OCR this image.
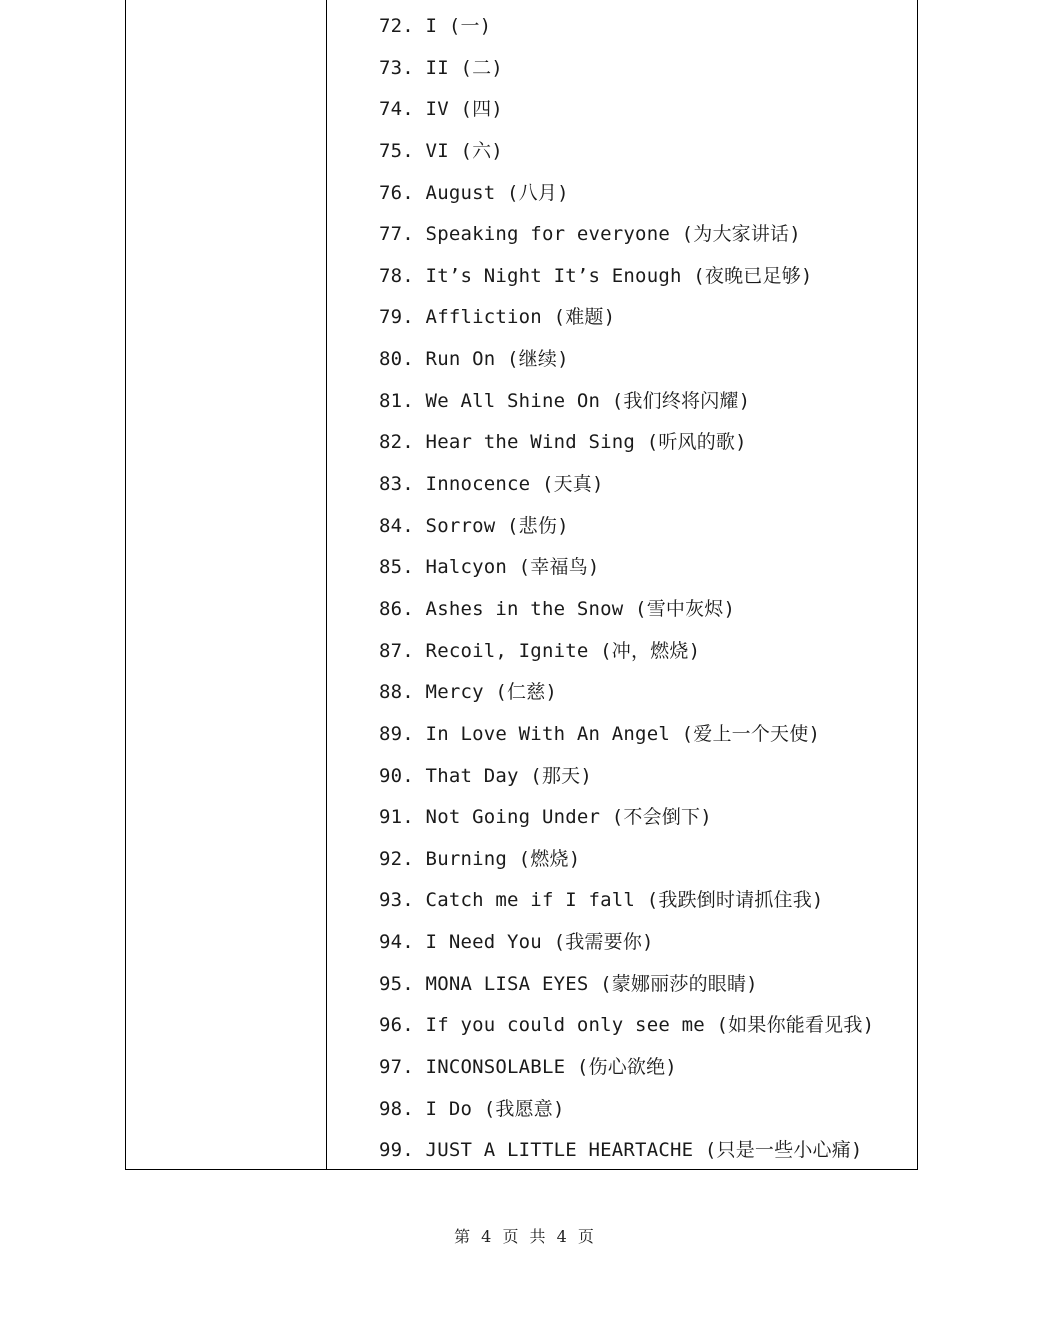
72. I (一)
73. II (二)
74. IV (四)
75. VI (六)
76. August (八月)
77. Speaking for everyone (为大家讲话)
78. It’s Night It’s Enough (夜晚已足够)
79. Affliction (难题)
80. Run On (继续)
81. We All Shine On (我们终将闪耀)
82. Hear the Wind Sing (听风的歌)
83. Innocence (天真)
84. Sorrow (悲伤)
85. Halcyon (幸福鸟)
86. Ashes in the Snow (雪中灰烬)
87. Recoil, Ignite (冲，燃烧)
88. Mercy (仁慈)
89. In Love With An Angel (爱上一个天使)
90. That Day (那天)
91. Not Going Under (不会倒下)
92. Burning (燃烧)
93. Catch me if I fall (我跌倒时请抓住我)
94. I Need You (我需要你)
95. MONA LISA EYES (蒙娜丽莎的眼睛)
96. If you could only see me (如果你能看见我)
97. INCONSOLABLE (伤心欲绝)
98. I Do (我愿意)
99. JUST A LITTLE HEARTACHE (只是一些小心痛)
第 4 页 共 4 页
